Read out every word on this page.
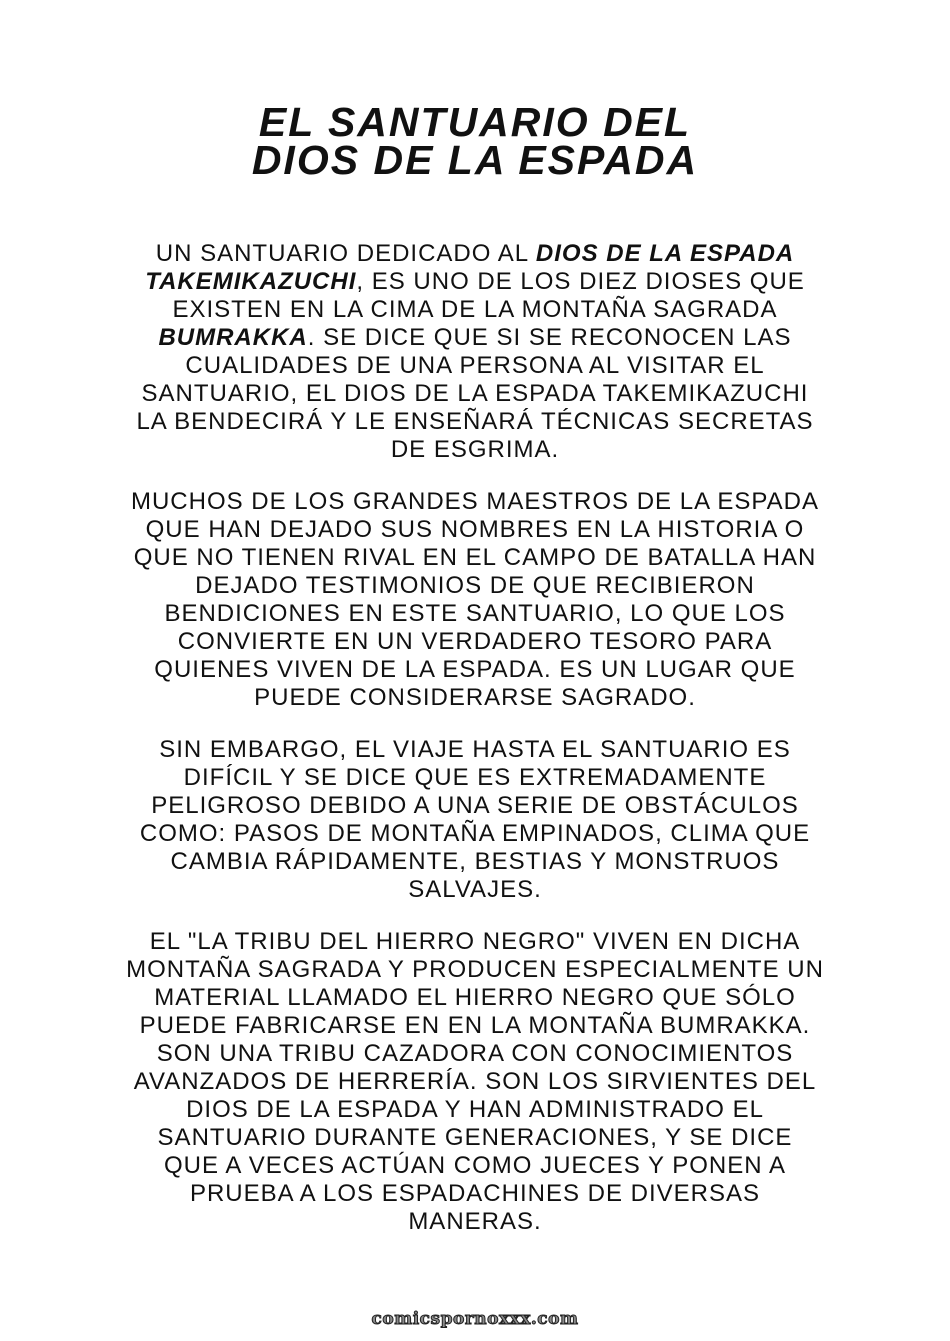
EL SANTUARIO DEL
DIOS DE LA ESPADA
UN SANTUARIO DEDICADO AL DIOS DE LA ESPADA
TAKEMIKAZUCHI, ES UNO DE LOS DIEZ DIOSES QUE
EXISTEN EN LA CIMA DE LA MONTAÑA SAGRADA
BUMRAKKA. SE DICE QUE SI SE RECONOCEN LAS
CUALIDADES DE UNA PERSONA AL VISITAR EL
SANTUARIO, EL DIOS DE LA ESPADA TAKEMIKAZUCHI
LA BENDECIRÁ Y LE ENSEÑARÁ TÉCNICAS SECRETAS
DE ESGRIMA.
MUCHOS DE LOS GRANDES MAESTROS DE LA ESPADA
QUE HAN DEJADO SUS NOMBRES EN LA HISTORIA O
QUE NO TIENEN RIVAL EN EL CAMPO DE BATALLA HAN
DEJADO TESTIMONIOS DE QUE RECIBIERON
BENDICIONES EN ESTE SANTUARIO, LO QUE LOS
CONVIERTE EN UN VERDADERO TESORO PARA
QUIENES VIVEN DE LA ESPADA. ES UN LUGAR QUE
PUEDE CONSIDERARSE SAGRADO.
SIN EMBARGO, EL VIAJE HASTA EL SANTUARIO ES
DIFÍCIL Y SE DICE QUE ES EXTREMADAMENTE
PELIGROSO DEBIDO A UNA SERIE DE OBSTÁCULOS
COMO: PASOS DE MONTAÑA EMPINADOS, CLIMA QUE
CAMBIA RÁPIDAMENTE, BESTIAS Y MONSTRUOS
SALVAJES.
EL "LA TRIBU DEL HIERRO NEGRO" VIVEN EN DICHA
MONTAÑA SAGRADA Y PRODUCEN ESPECIALMENTE UN
MATERIAL LLAMADO EL HIERRO NEGRO QUE SÓLO
PUEDE FABRICARSE EN EN LA MONTAÑA BUMRAKKA.
SON UNA TRIBU CAZADORA CON CONOCIMIENTOS
AVANZADOS DE HERRERÍA. SON LOS SIRVIENTES DEL
DIOS DE LA ESPADA Y HAN ADMINISTRADO EL
SANTUARIO DURANTE GENERACIONES, Y SE DICE
QUE A VECES ACTÚAN COMO JUECES Y PONEN A
PRUEBA A LOS ESPADACHINES DE DIVERSAS
MANERAS.
comicspornoxxx.com
